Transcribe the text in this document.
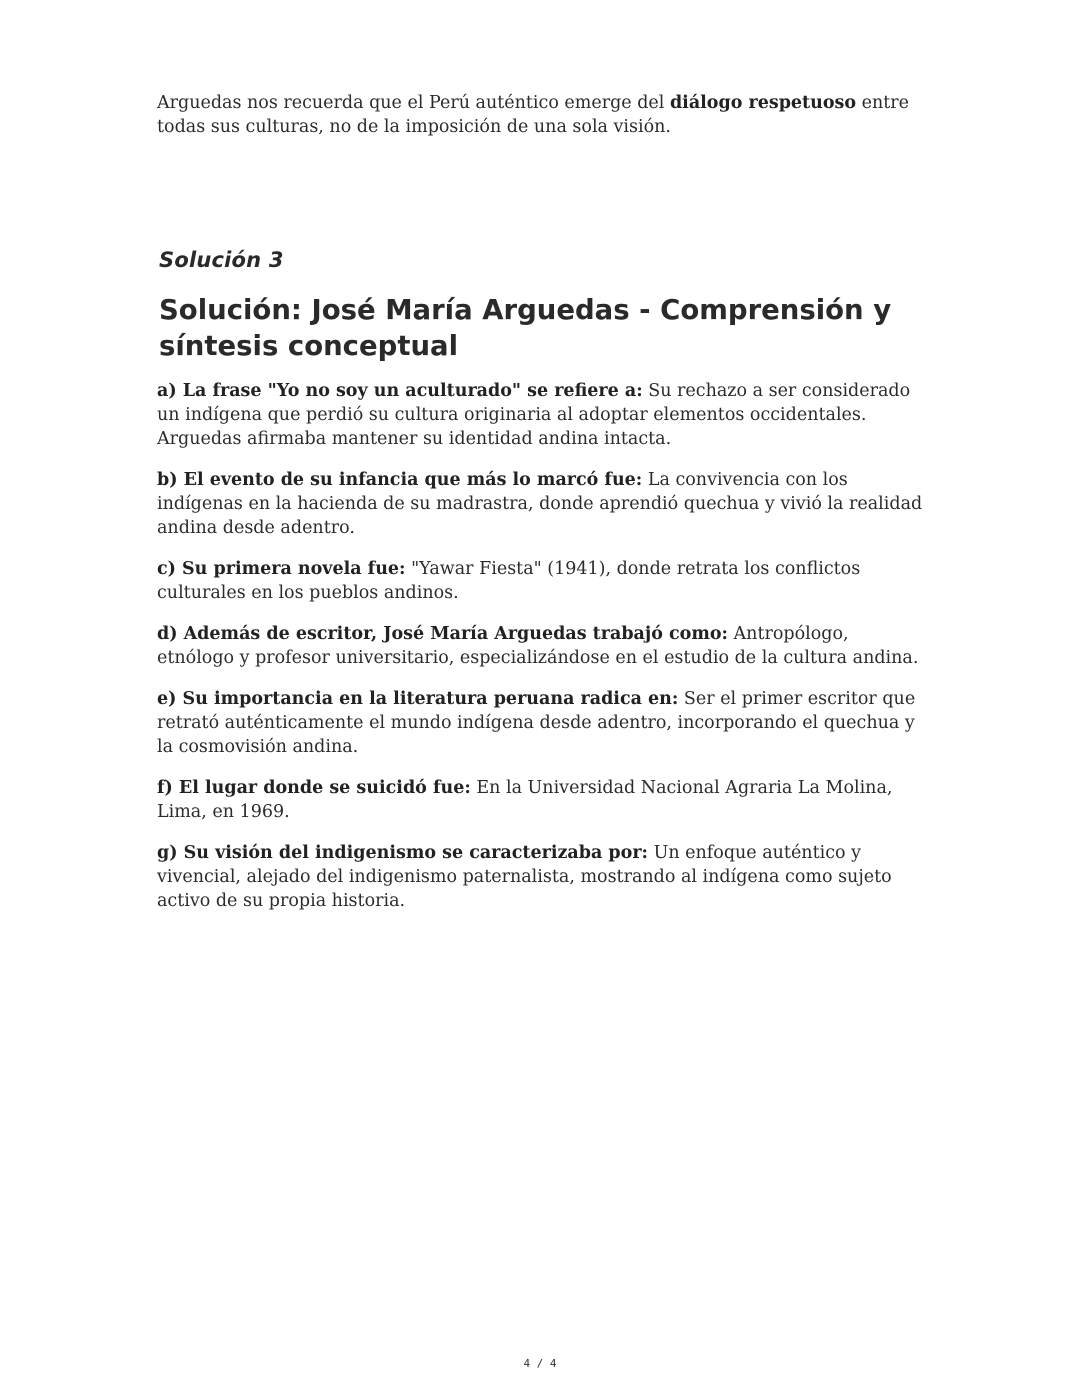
Arguedas nos recuerda que el Perú auténtico emerge del diálogo respetuoso entre todas sus culturas, no de la imposición de una sola visión.

Solución 3
Solución: José María Arguedas - Comprensión y síntesis conceptual

a) La frase "Yo no soy un aculturado" se refiere a: Su rechazo a ser considerado un indígena que perdió su cultura originaria al adoptar elementos occidentales. Arguedas afirmaba mantener su identidad andina intacta.

b) El evento de su infancia que más lo marcó fue: La convivencia con los indígenas en la hacienda de su madrastra, donde aprendió quechua y vivió la realidad andina desde adentro.

c) Su primera novela fue: "Yawar Fiesta" (1941), donde retrata los conflictos culturales en los pueblos andinos.

d) Además de escritor, José María Arguedas trabajó como: Antropólogo, etnólogo y profesor universitario, especializándose en el estudio de la cultura andina.

e) Su importancia en la literatura peruana radica en: Ser el primer escritor que retrató auténticamente el mundo indígena desde adentro, incorporando el quechua y la cosmovisión andina.

f) El lugar donde se suicidó fue: En la Universidad Nacional Agraria La Molina, Lima, en 1969.

g) Su visión del indigenismo se caracterizaba por: Un enfoque auténtico y vivencial, alejado del indigenismo paternalista, mostrando al indígena como sujeto activo de su propia historia.

4 / 4
